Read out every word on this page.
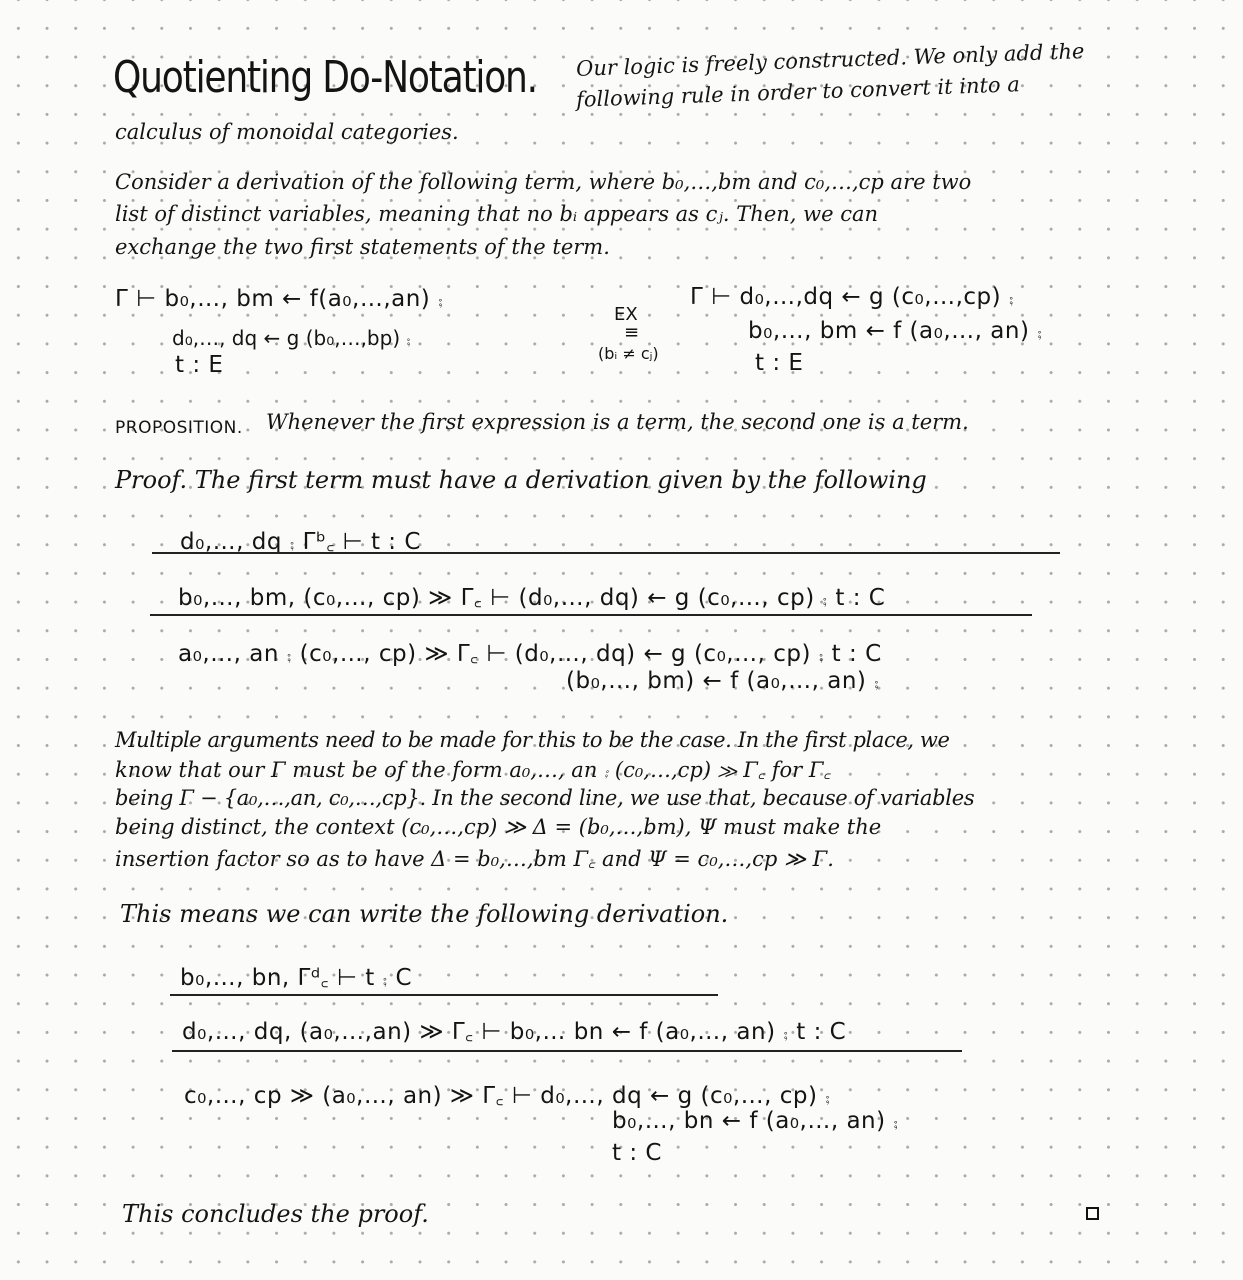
Quotienting Do-Notation. Our logic is freely constructed. We only add the
following rule in order to convert it into a
calculus of monoidal categories.
Consider a derivation of the following term, where b₀,…,bm and c₀,…,cp are two
list of distinct variables, meaning that no bᵢ appears as cⱼ. Then, we can
exchange the two first statements of the term.
Γ ⊢ b₀,…, bm ← f(a₀,…,an) ⨾
d₀,…, dq ← g (b₀,…,bp) ⨾
t : E
EX
≡
(bᵢ ≠ cⱼ)
Γ ⊢ d₀,…,dq ← g (c₀,…,cp) ⨾
b₀,…, bm ← f (a₀,…, an) ⨾
t : E
PROPOSITION. Whenever the first expression is a term, the second one is a term.
Proof. The first term must have a derivation given by the following
d₀,…, dq ⨾ Γᵇ꜀ ⊢ t : C
b₀,…, bm, (c₀,…, cp) ≫ Γ꜀ ⊢ (d₀,…, dq) ← g (c₀,…, cp) ⨾ t : C
a₀,…, an ⨾ (c₀,…, cp) ≫ Γ꜀ ⊢ (d₀,…, dq) ← g (c₀,…, cp) ⨾ t : C
(b₀,…, bm) ← f (a₀,…, an) ⨾
Multiple arguments need to be made for this to be the case. In the first place, we
know that our Γ must be of the form a₀,…, an ⨾ (c₀,…,cp) ≫ Γ꜀ for Γ꜀
being Γ − {a₀,…,an, c₀,…,cp}. In the second line, we use that, because of variables
being distinct, the context (c₀,…,cp) ≫ Δ = (b₀,…,bm), Ψ must make the
insertion factor so as to have Δ = b₀,…,bm Γ꜀ and Ψ = c₀,…,cp ≫ Γ.
This means we can write the following derivation.
b₀,…, bn, Γᵈ꜀ ⊢ t ⨾ C
d₀,…, dq, (a₀,…,an) ≫ Γ꜀ ⊢ b₀,… bn ← f (a₀,…, an) ⨾ t : C
c₀,…, cp ≫ (a₀,…, an) ≫ Γ꜀ ⊢ d₀,…, dq ← g (c₀,…, cp) ⨾
b₀,…, bn ← f (a₀,…, an) ⨾
t : C
This concludes the proof.
